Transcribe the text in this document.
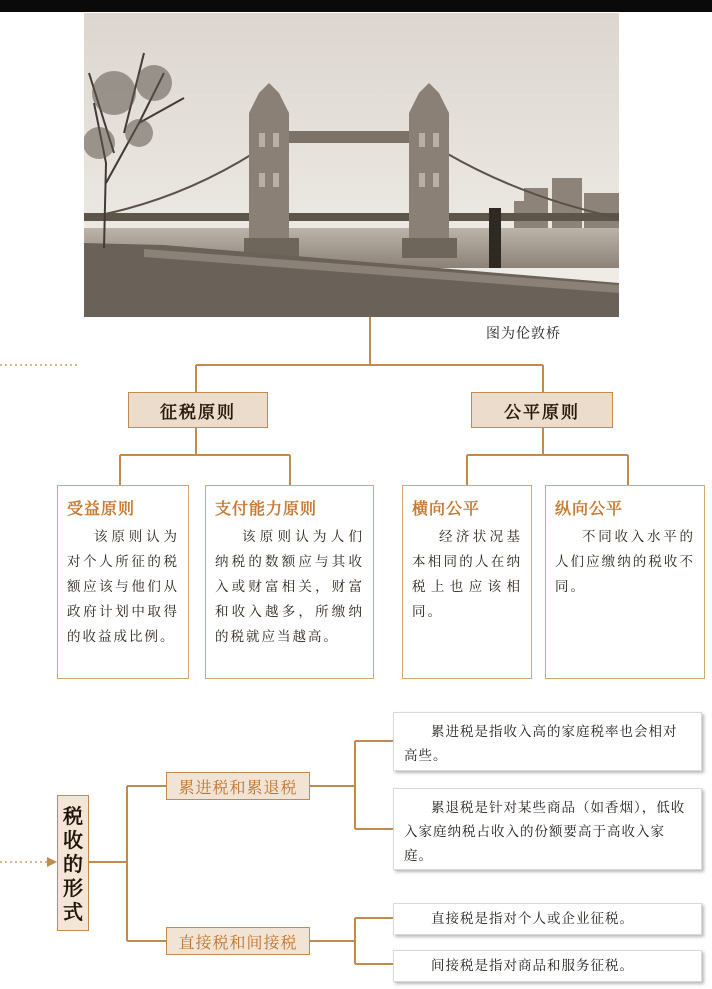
图为伦敦桥
征税原则	公平原则
受益原则
该原则认为对个人所征的税额应该与他们从政府计划中取得的收益成比例。
支付能力原则
该原则认为人们纳税的数额应与其收入或财富相关，财富和收入越多，所缴纳的税就应当越高。
横向公平
经济状况基本相同的人在纳税上也应该相同。
纵向公平
不同收入水平的人们应缴纳的税收不同。
税
收
的
形
式
累进税和累退税
直接税和间接税
累进税是指收入高的家庭税率也会相对高些。
累退税是针对某些商品（如香烟），低收入家庭纳税占收入的份额要高于高收入家庭。
直接税是指对个人或企业征税。
间接税是指对商品和服务征税。
